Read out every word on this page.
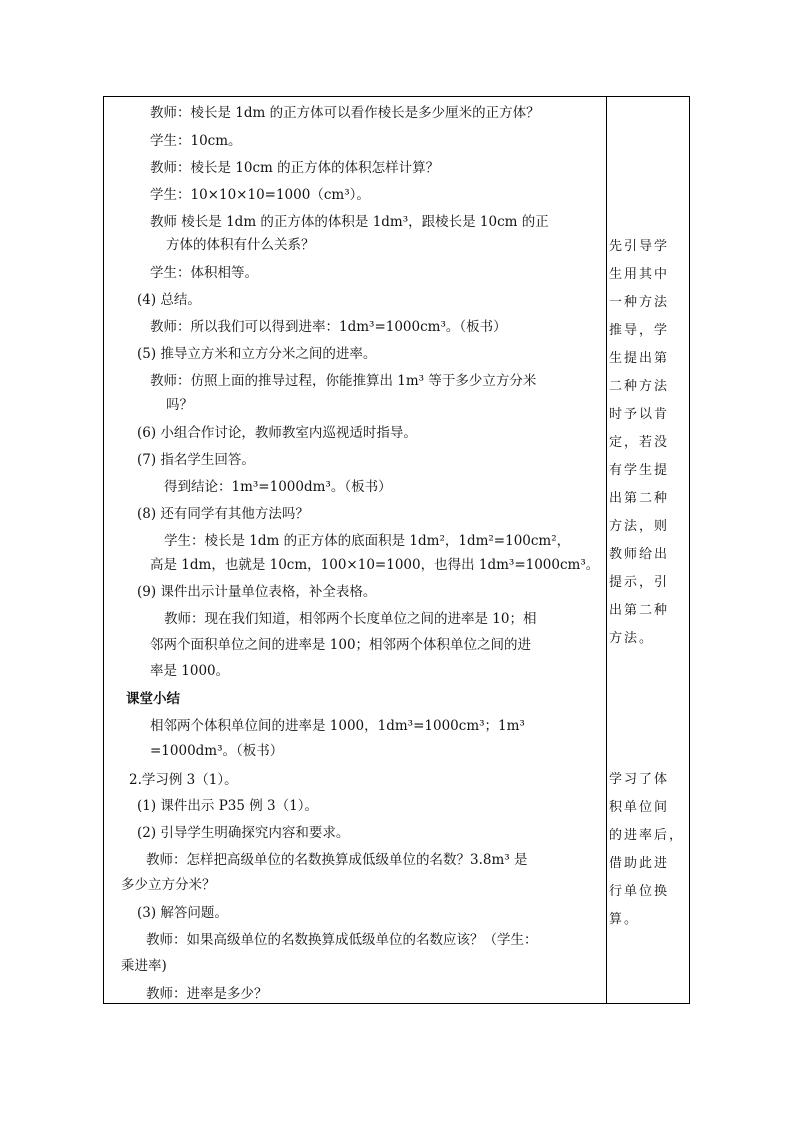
教师：棱长是 1dm 的正方体可以看作棱长是多少厘米的正方体？
学生：10cm。
教师：棱长是 10cm 的正方体的体积怎样计算？
学生：10×10×10=1000（cm³）。
教师 棱长是 1dm 的正方体的体积是 1dm³，跟棱长是 10cm 的正
方体的体积有什么关系？
学生：体积相等。
(4) 总结。
教师：所以我们可以得到进率：1dm³=1000cm³。（板书）
(5) 推导立方米和立方分米之间的进率。
教师：仿照上面的推导过程，你能推算出 1m³ 等于多少立方分米
吗？
(6) 小组合作讨论，教师教室内巡视适时指导。
(7) 指名学生回答。
得到结论：1m³=1000dm³。（板书）
(8) 还有同学有其他方法吗？
学生：棱长是 1dm 的正方体的底面积是 1dm²，1dm²=100cm²，
高是 1dm，也就是 10cm，100×10=1000，也得出 1dm³=1000cm³。
(9) 课件出示计量单位表格，补全表格。
教师：现在我们知道，相邻两个长度单位之间的进率是 10；相
邻两个面积单位之间的进率是 100；相邻两个体积单位之间的进
率是 1000。
课堂小结
相邻两个体积单位间的进率是 1000，1dm³=1000cm³；1m³
=1000dm³。（板书）
2.学习例 3（1）。
(1) 课件出示 P35 例 3（1）。
(2) 引导学生明确探究内容和要求。
教师：怎样把高级单位的名数换算成低级单位的名数？3.8m³ 是
多少立方分米？
(3) 解答问题。
教师：如果高级单位的名数换算成低级单位的名数应该？（学生：
乘进率)
教师：进率是多少？
先引导学
生用其中
一种方法
推导，学
生提出第
二种方法
时予以肯
定，若没
有学生提
出第二种
方法，则
教师给出
提示，引
出第二种
方法。
学习了体
积单位间
的进率后，
借助此进
行单位换
算。
